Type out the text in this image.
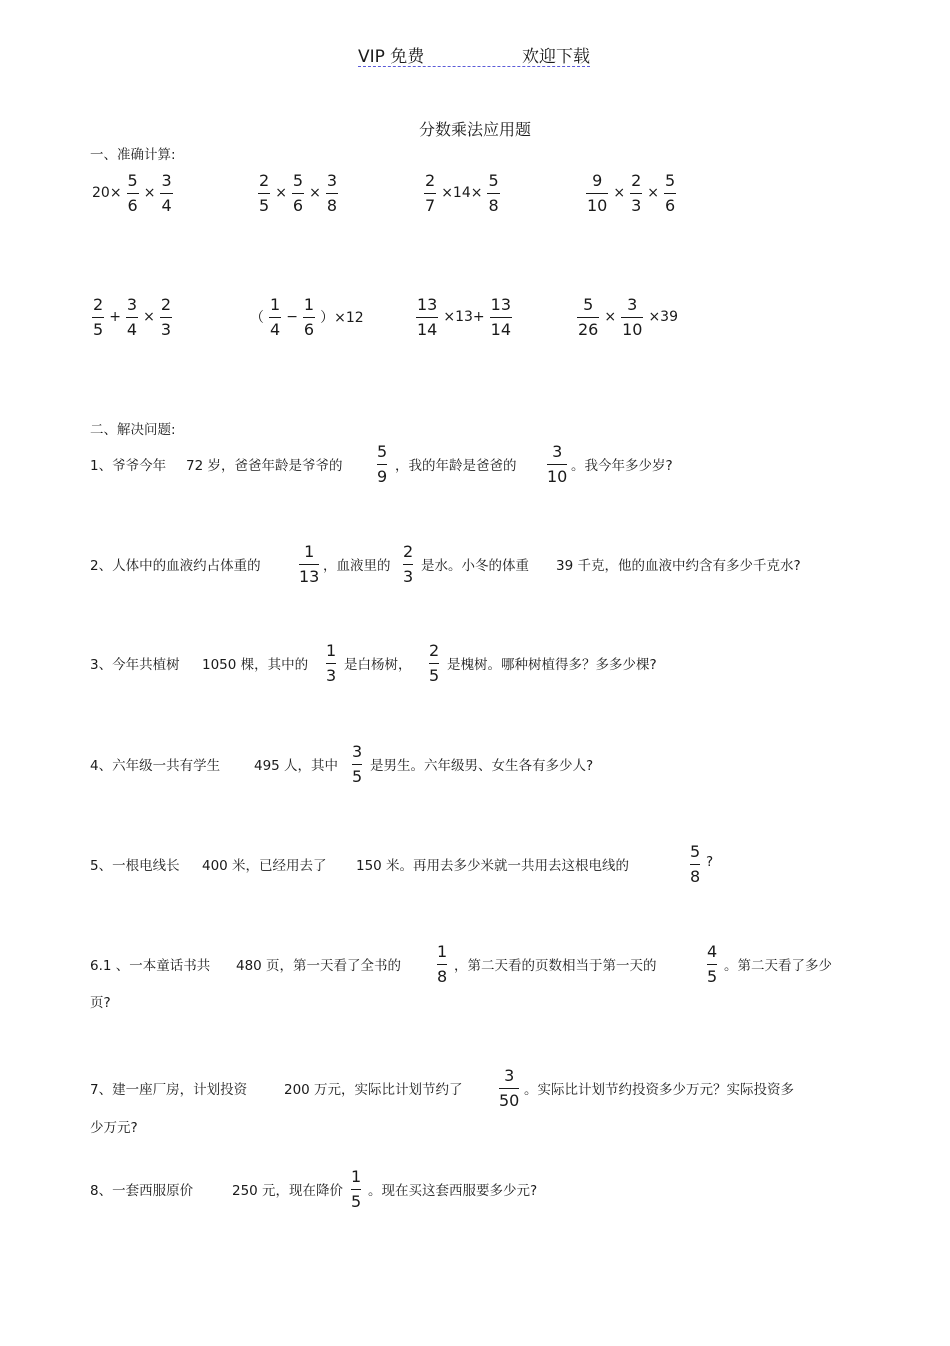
VIP 免费	欢迎下载
分数乘法应用题
一、准确计算:
$20\times \frac{5}{6} \times \frac{3}{4}$	$\frac{2}{5} \times \frac{5}{6} \times \frac{3}{8}$	$\frac{2}{7} \times 14\times \frac{5}{8}$	$\frac{9}{10} \times \frac{2}{3} \times \frac{5}{6}$
$\frac{2}{5} + \frac{3}{4} \times \frac{2}{3}$	（ $\frac{1}{4} - \frac{1}{6} )\times 12$	$\frac{13}{14} \times 13+ \frac{13}{14}$	$\frac{5}{26} \times \frac{3}{10} \times 39$
二、解决问题:
1、爷爷今年 72 岁，爸爸年龄是爷爷的
5
9
，我的年龄是爸爸的
3
10
。我今年多少岁?
2、人体中的血液约占体重的
1
13
，血液里的
2
3
是水。小冬的体重 39 千克，他的血液中约含有多少千克水?
3、今年共植树 1050 棵，其中的
1
3
是白杨树，
2
5
是槐树。哪种树植得多？多多少棵?
4、六年级一共有学生	495 人，其中
3
5
是男生。六年级男、女生各有多少人?
5、一根电线长 400 米，已经用去了 150 米。再用去多少米就一共用去这根电线的
5
8
?
6.1 、一本童话书共 480 页，第一天看了全书的
1
8
，第二天看的页数相当于第一天的
4
5
。第二天看了多少
页?
7、建一座厂房，计划投资	200 万元，实际比计划节约了
3
50
。实际比计划节约投资多少万元？实际投资多
少万元?
8、一套西服原价	250 元，现在降价
1
5
。现在买这套西服要多少元?
